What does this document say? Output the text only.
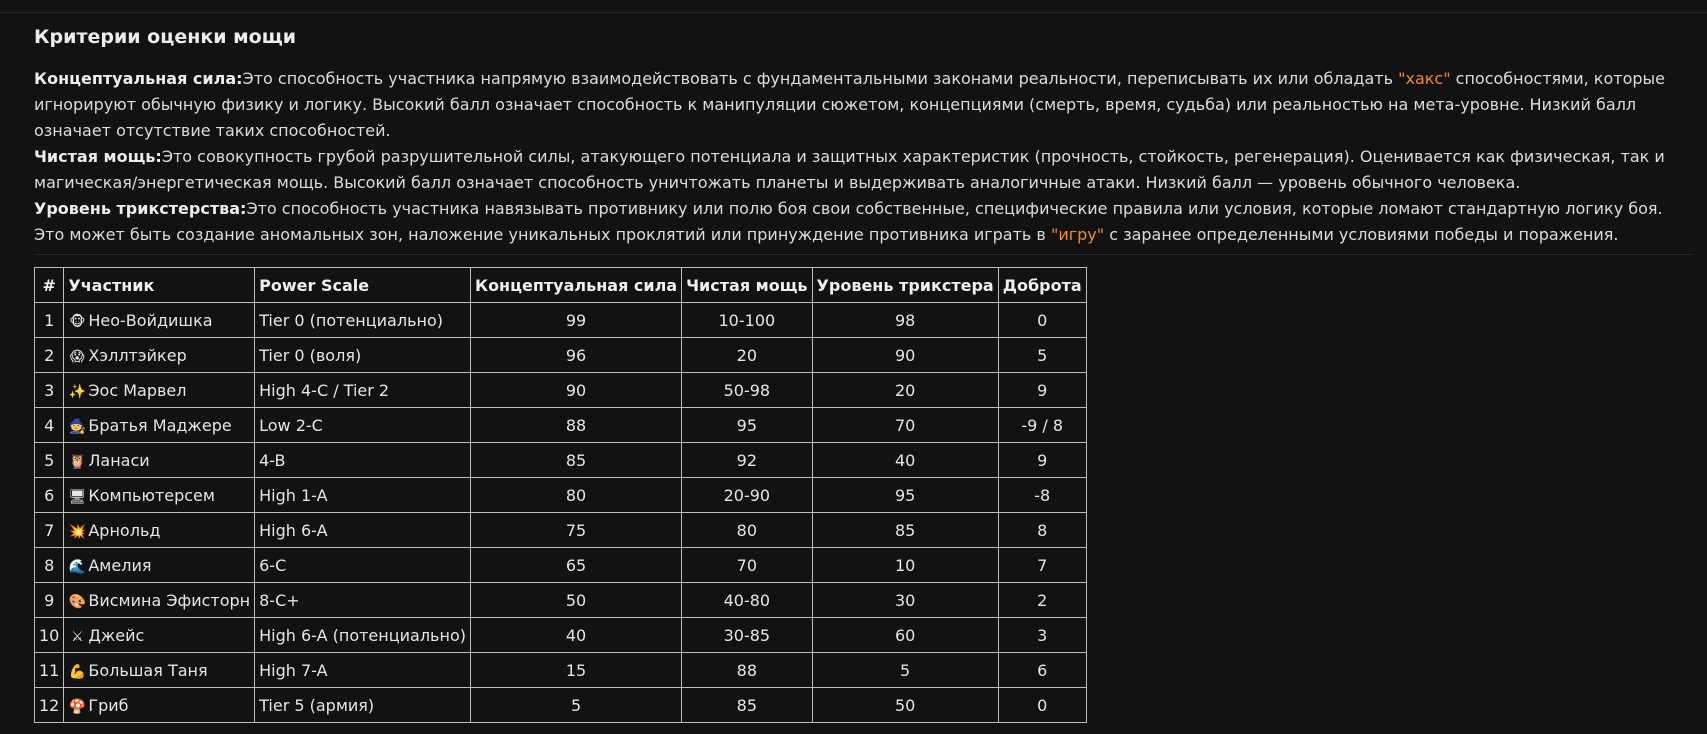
Критерии оценки мощи

Концептуальная сила:Это способность участника напрямую взаимодействовать с фундаментальными законами реальности, переписывать их или обладать "хакс" способностями, которые игнорируют обычную физику и логику. Высокий балл означает способность к манипуляции сюжетом, концепциями (смерть, время, судьба) или реальностью на мета-уровне. Низкий балл означает отсутствие таких способностей.

Чистая мощь:Это совокупность грубой разрушительной силы, атакующего потенциала и защитных характеристик (прочность, стойкость, регенерация). Оценивается как физическая, так и магическая/энергетическая мощь. Высокий балл означает способность уничтожать планеты и выдерживать аналогичные атаки. Низкий балл — уровень обычного человека.

Уровень трикстерства:Это способность участника навязывать противнику или полю боя свои собственные, специфические правила или условия, которые ломают стандартную логику боя. Это может быть создание аномальных зон, наложение уникальных проклятий или принуждение противника играть в "игру" с заранее определенными условиями победы и поражения.

#	Участник	Power Scale	Концептуальная сила	Чистая мощь	Уровень трикстера	Доброта
1	🐵 Нео-Войдишка	Tier 0 (потенциально)	99	10-100	98	0
2	😱 Хэллтэйкер	Tier 0 (воля)	96	20	90	5
3	✨ Эос Марвел	High 4-C / Tier 2	90	50-98	20	9
4	🧙 Братья Маджере	Low 2-C	88	95	70	-9 / 8
5	🦉 Ланаси	4-B	85	92	40	9
6	🖥 Компьютерсем	High 1-A	80	20-90	95	-8
7	💥 Арнольд	High 6-A	75	80	85	8
8	🌊 Амелия	6-C	65	70	10	7
9	🎨 Висмина Эфисторн	8-C+	50	40-80	30	2
10	⚔ Джейс	High 6-A (потенциально)	40	30-85	60	3
11	💪 Большая Таня	High 7-A	15	88	5	6
12	🍄 Гриб	Tier 5 (армия)	5	85	50	0
